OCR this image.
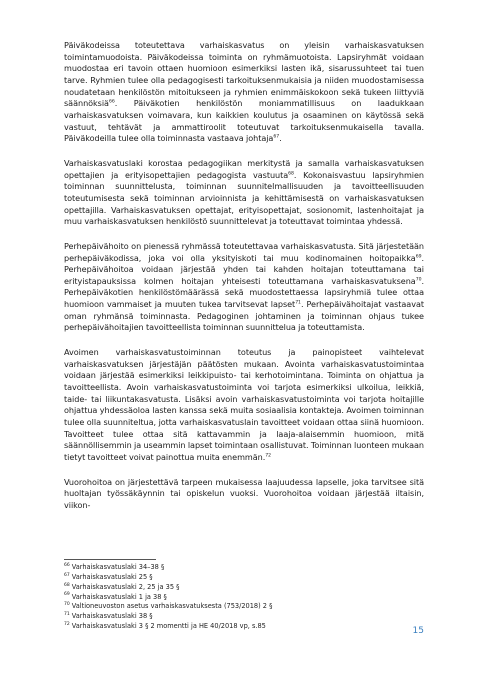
Päiväkodeissa toteutettava varhaiskasvatus on yleisin varhaiskasvatuksen toimintamuodoista. Päiväkodeissa toiminta on ryhmämuotoista. Lapsiryhmät voidaan muodostaa eri tavoin ottaen huomioon esimerkiksi lasten ikä, sisarussuhteet tai tuen tarve. Ryhmien tulee olla pedagogisesti tarkoituksenmukaisia ja niiden muodostamisessa noudatetaan henkilöstön mitoitukseen ja ryhmien enimmäiskokoon sekä tukeen liittyviä säännöksiä$^{66}$. Päiväkotien henkilöstön moniammatillisuus on laadukkaan varhaiskasvatuksen voimavara, kun kaikkien koulutus ja osaaminen on käytössä sekä vastuut, tehtävät ja ammattiroolit toteutuvat tarkoituksenmukaisella tavalla. Päiväkodeilla tulee olla toiminnasta vastaava johtaja$^{67}$.

Varhaiskasvatuslaki korostaa pedagogiikan merkitystä ja samalla varhaiskasvatuksen opettajien ja erityisopettajien pedagogista vastuuta$^{68}$. Kokonaisvastuu lapsiryhmien toiminnan suunnittelusta, toiminnan suunnitelmallisuuden ja tavoitteellisuuden toteutumisesta sekä toiminnan arvioinnista ja kehittämisestä on varhaiskasvatuksen opettajilla. Varhaiskasvatuksen opettajat, erityisopettajat, sosionomit, lastenhoitajat ja muu varhaiskasvatuksen henkilöstö suunnittelevat ja toteuttavat toimintaa yhdessä.

Perhepäivähoito on pienessä ryhmässä toteutettavaa varhaiskasvatusta. Sitä järjestetään perhepäiväkodissa, joka voi olla yksityiskoti tai muu kodinomainen hoitopaikka$^{69}$. Perhepäivähoitoa voidaan järjestää yhden tai kahden hoitajan toteuttamana tai erityistapauksissa kolmen hoitajan yhteisesti toteuttamana varhaiskasvatuksena$^{70}$. Perhepäiväkotien henkilöstömäärässä sekä muodostettaessa lapsiryhmiä tulee ottaa huomioon vammaiset ja muuten tukea tarvitsevat lapset$^{71}$. Perhepäivähoitajat vastaavat oman ryhmänsä toiminnasta. Pedagoginen johtaminen ja toiminnan ohjaus tukee perhepäivähoitajien tavoitteellista toiminnan suunnittelua ja toteuttamista.

Avoimen varhaiskasvatustoiminnan toteutus ja painopisteet vaihtelevat varhaiskasvatuksen järjestäjän päätösten mukaan. Avointa varhaiskasvatustoimintaa voidaan järjestää esimerkiksi leikkipuisto- tai kerhotoimintana. Toiminta on ohjattua ja tavoitteellista. Avoin varhaiskasvatustoiminta voi tarjota esimerkiksi ulkoilua, leikkiä, taide- tai liikuntakasvatusta. Lisäksi avoin varhaiskasvatustoiminta voi tarjota hoitajille ohjattua yhdessäoloa lasten kanssa sekä muita sosiaalisia kontakteja. Avoimen toiminnan tulee olla suunniteltua, jotta varhaiskasvatuslain tavoitteet voidaan ottaa siinä huomioon. Tavoitteet tulee ottaa sitä kattavammin ja laaja-alaisemmin huomioon, mitä säännöllisemmin ja useammin lapset toimintaan osallistuvat. Toiminnan luonteen mukaan tietyt tavoitteet voivat painottua muita enemmän.$^{72}$

Vuorohoitoa on järjestettävä tarpeen mukaisessa laajuudessa lapselle, joka tarvitsee sitä huoltajan työssäkäynnin tai opiskelun vuoksi. Vuorohoitoa voidaan järjestää iltaisin, viikon-

$^{66}$ Varhaiskasvatuslaki 34–38 §
$^{67}$ Varhaiskasvatuslaki 25 §
$^{68}$ Varhaiskasvatuslaki 2, 25 ja 35 §
$^{69}$ Varhaiskasvatuslaki 1 ja 38 §
$^{70}$ Valtioneuvoston asetus varhaiskasvatuksesta (753/2018) 2 §
$^{71}$ Varhaiskasvatuslaki 38 §
$^{72}$ Varhaiskasvatuslaki 3 § 2 momentti ja HE 40/2018 vp, s.85	15
